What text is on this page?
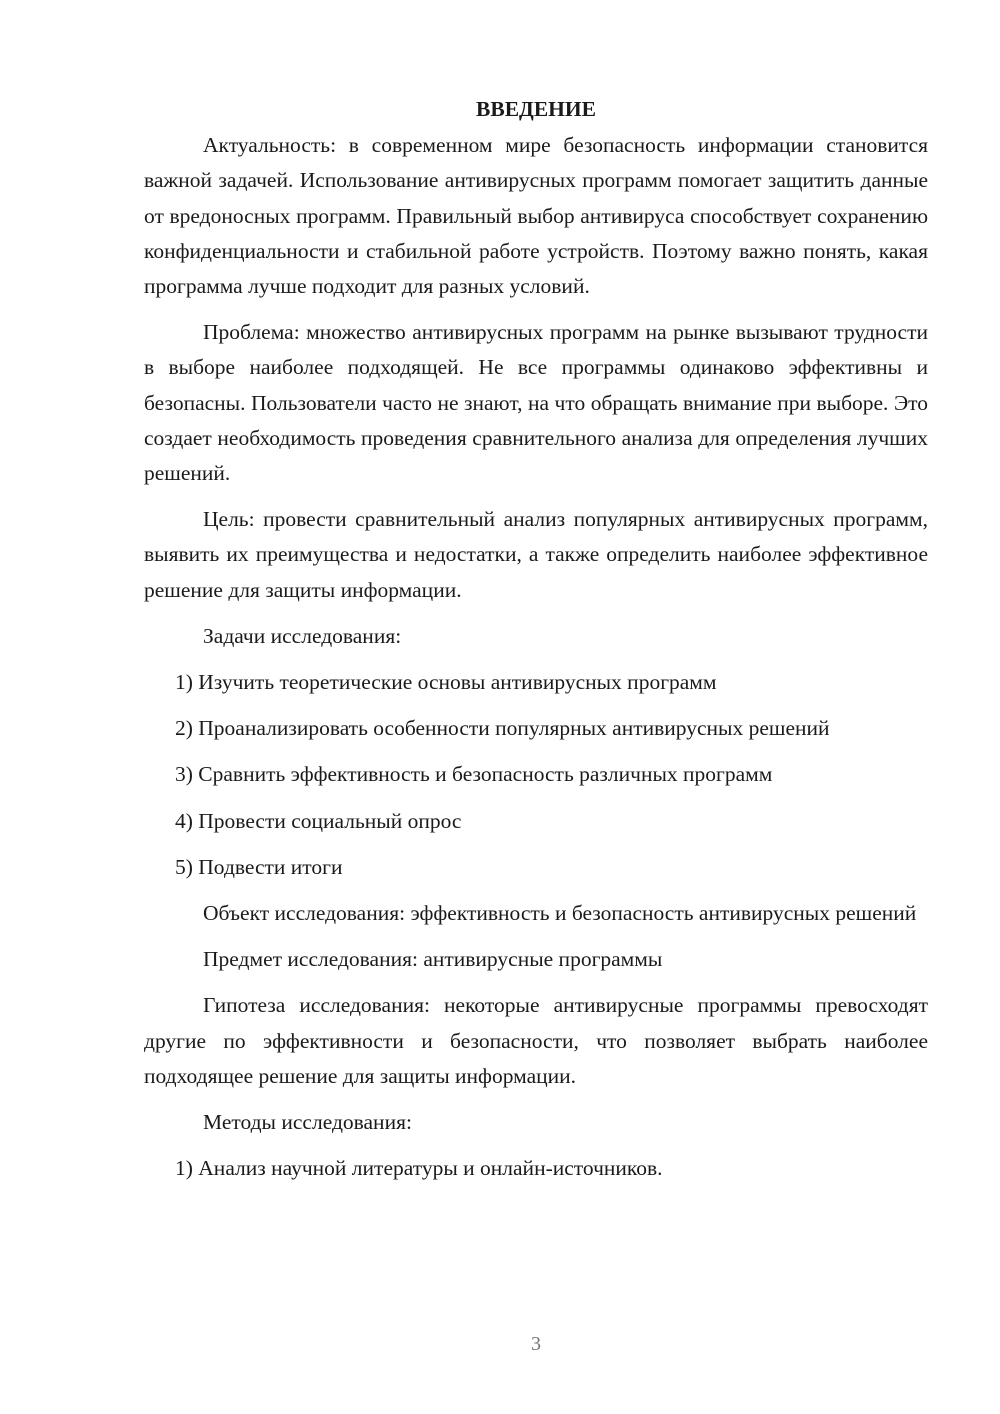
ВВЕДЕНИЕ

Актуальность: в современном мире безопасность информации становится важной задачей. Использование антивирусных программ помогает защитить данные от вредоносных программ. Правильный выбор антивируса способствует сохранению конфиденциальности и стабильной работе устройств. Поэтому важно понять, какая программа лучше подходит для разных условий.

Проблема: множество антивирусных программ на рынке вызывают трудности в выборе наиболее подходящей. Не все программы одинаково эффективны и безопасны. Пользователи часто не знают, на что обращать внимание при выборе. Это создает необходимость проведения сравнительного анализа для определения лучших решений.

Цель: провести сравнительный анализ популярных антивирусных программ, выявить их преимущества и недостатки, а также определить наиболее эффективное решение для защиты информации.

Задачи исследования:

1) Изучить теоретические основы антивирусных программ

2) Проанализировать особенности популярных антивирусных решений

3) Сравнить эффективность и безопасность различных программ

4) Провести социальный опрос

5) Подвести итоги

Объект исследования: эффективность и безопасность антивирусных решений

Предмет исследования: антивирусные программы

Гипотеза исследования: некоторые антивирусные программы превосходят другие по эффективности и безопасности, что позволяет выбрать наиболее подходящее решение для защиты информации.

Методы исследования:

1) Анализ научной литературы и онлайн-источников.

3
